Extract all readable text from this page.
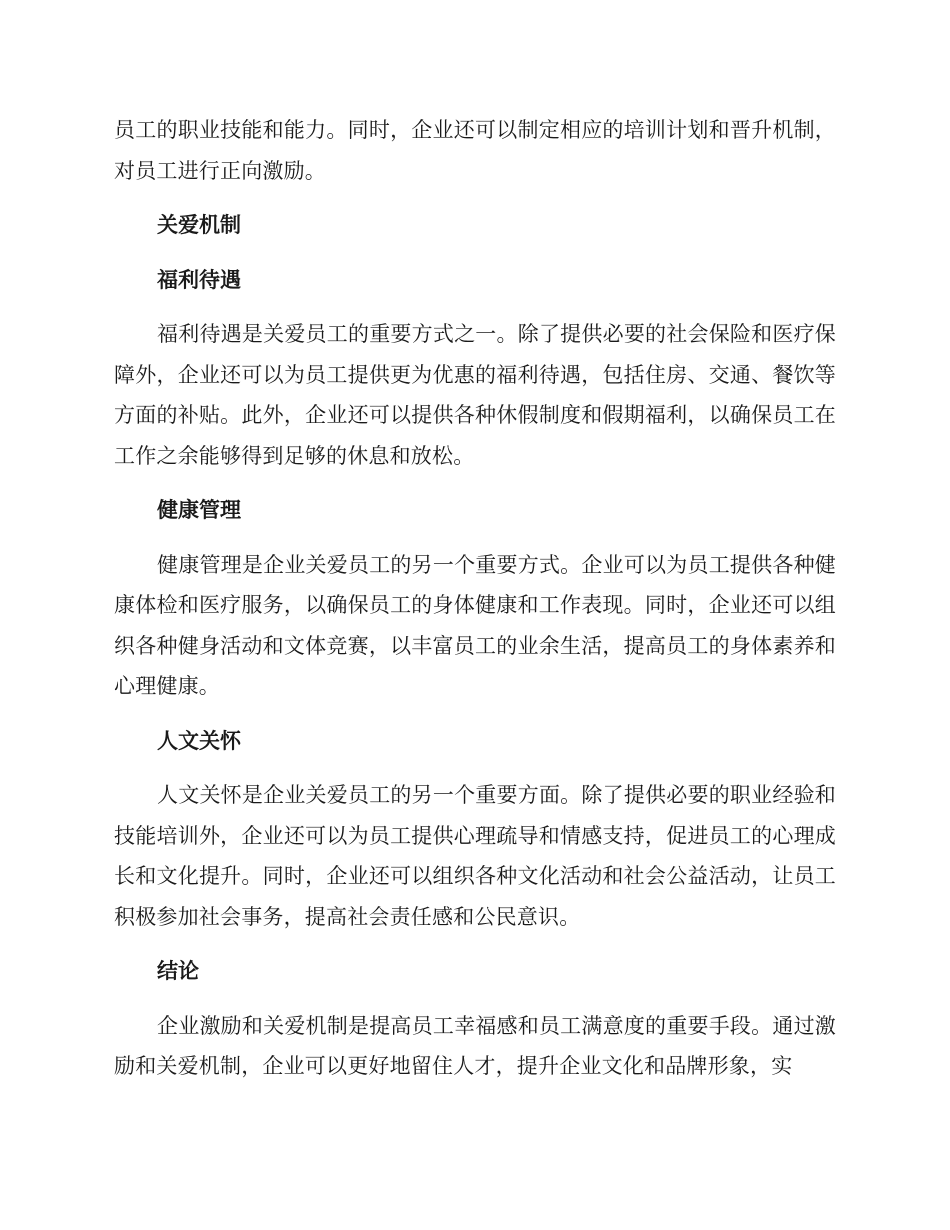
员工的职业技能和能力。同时，企业还可以制定相应的培训计划和晋升机制，对员工进行正向激励。

关爱机制
福利待遇

福利待遇是关爱员工的重要方式之一。除了提供必要的社会保险和医疗保障外，企业还可以为员工提供更为优惠的福利待遇，包括住房、交通、餐饮等方面的补贴。此外，企业还可以提供各种休假制度和假期福利，以确保员工在工作之余能够得到足够的休息和放松。

健康管理

健康管理是企业关爱员工的另一个重要方式。企业可以为员工提供各种健康体检和医疗服务，以确保员工的身体健康和工作表现。同时，企业还可以组织各种健身活动和文体竞赛，以丰富员工的业余生活，提高员工的身体素养和心理健康。

人文关怀

人文关怀是企业关爱员工的另一个重要方面。除了提供必要的职业经验和技能培训外，企业还可以为员工提供心理疏导和情感支持，促进员工的心理成长和文化提升。同时，企业还可以组织各种文化活动和社会公益活动，让员工积极参加社会事务，提高社会责任感和公民意识。

结论

企业激励和关爱机制是提高员工幸福感和员工满意度的重要手段。通过激励和关爱机制，企业可以更好地留住人才，提升企业文化和品牌形象，实
